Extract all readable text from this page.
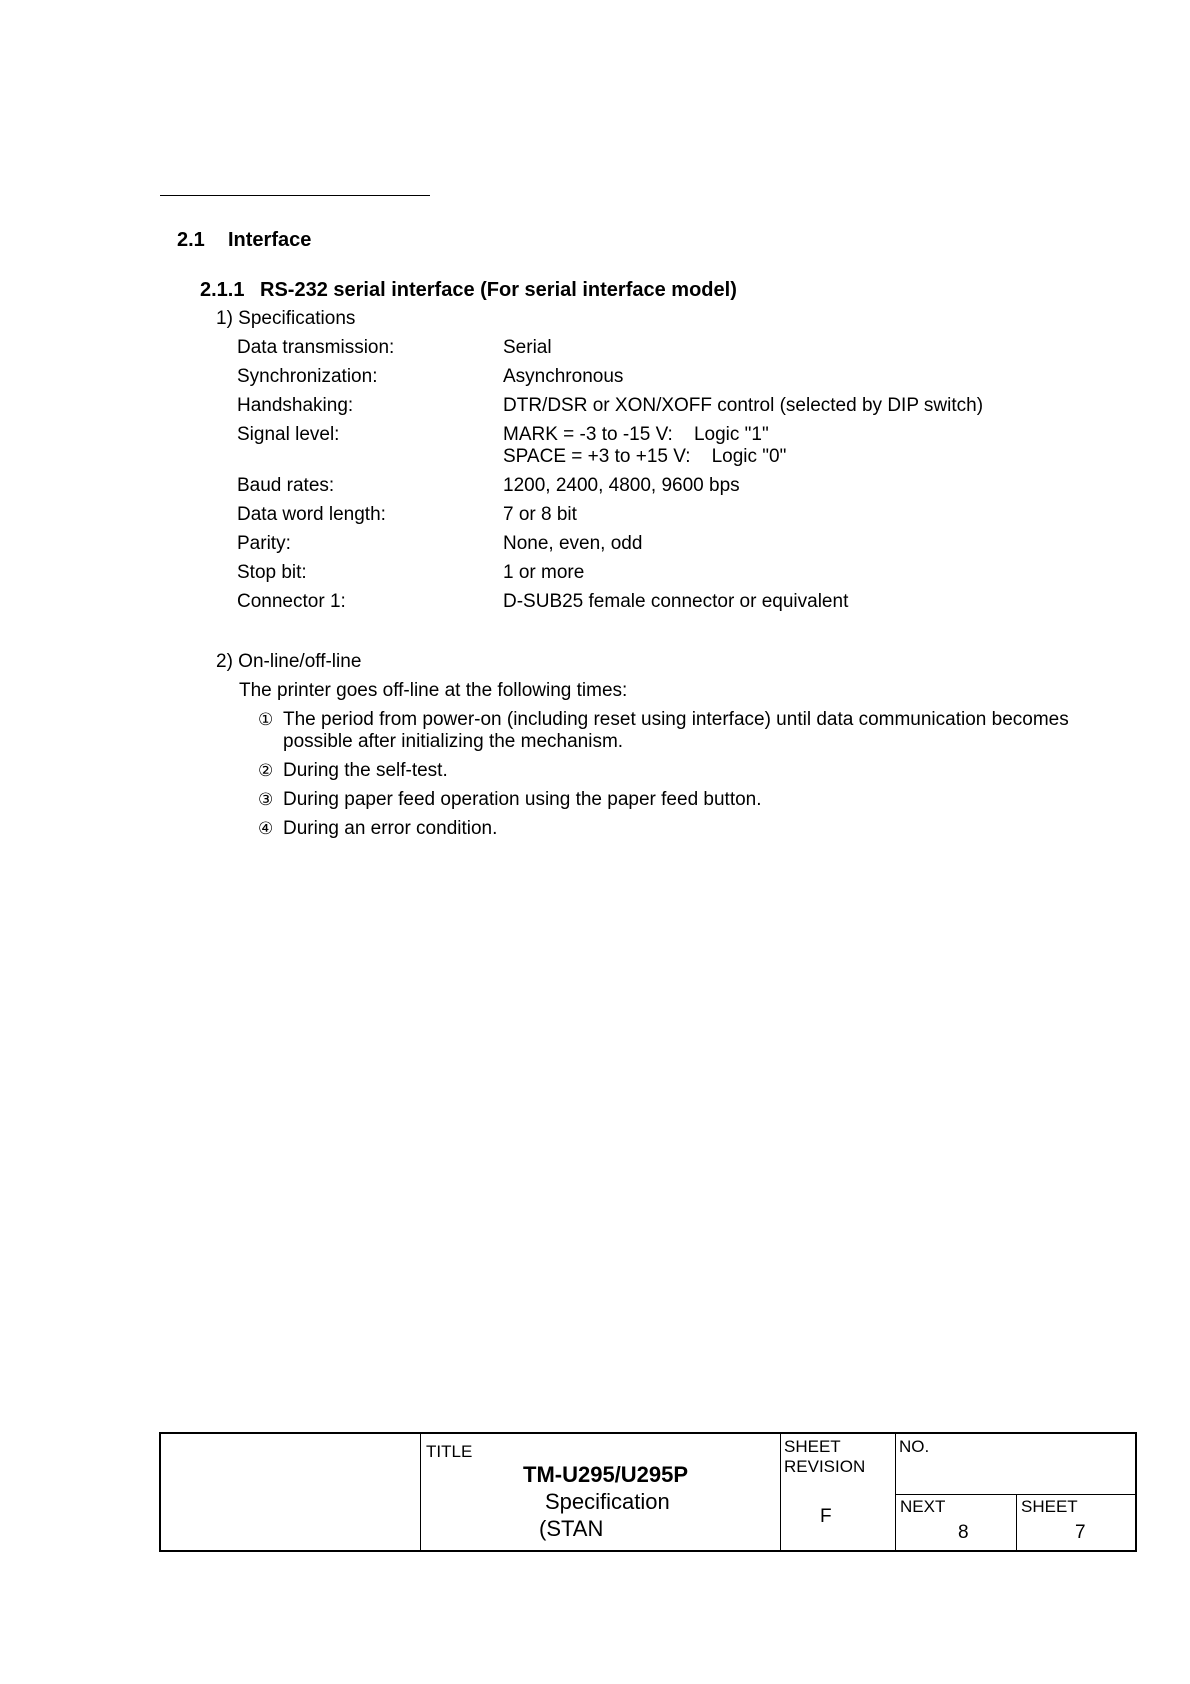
2.1 Interface
2.1.1 RS-232 serial interface (For serial interface model)
1) Specifications
Data transmission:	Serial
Synchronization:	Asynchronous
Handshaking:	DTR/DSR or XON/XOFF control (selected by DIP switch)
Signal level:	MARK = -3 to -15 V:    Logic "1"
SPACE = +3 to +15 V:    Logic "0"
Baud rates:	1200, 2400, 4800, 9600 bps
Data word length:	7 or 8 bit
Parity:	None, even, odd
Stop bit:	1 or more
Connector 1:	D-SUB25 female connector or equivalent
2) On-line/off-line
The printer goes off-line at the following times:
① The period from power-on (including reset using interface) until data communication becomes
possible after initializing the mechanism.
② During the self-test.
③ During paper feed operation using the paper feed button.
④ During an error condition.
TITLE
TM-U295/U295P
Specification
(STAN
SHEET
REVISION
F
NO.
NEXT
8
SHEET
7
